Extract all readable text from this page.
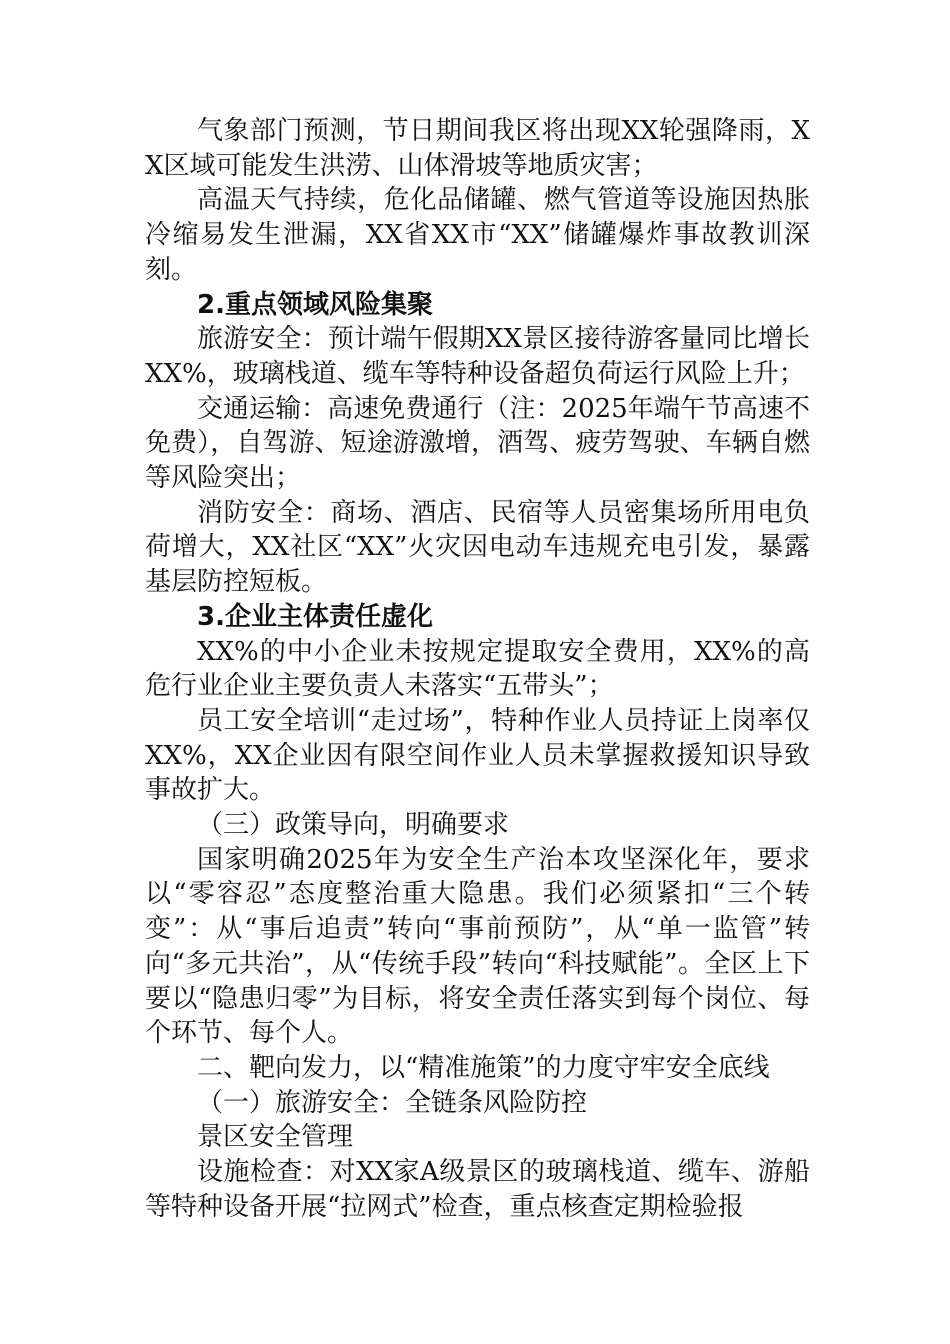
气象部门预测，节日期间我区将出现XX轮强降雨，XX区域可能发生洪涝、山体滑坡等地质灾害；

高温天气持续，危化品储罐、燃气管道等设施因热胀冷缩易发生泄漏，XX省XX市“XX”储罐爆炸事故教训深刻。

2.重点领域风险集聚

旅游安全：预计端午假期XX景区接待游客量同比增长XX%，玻璃栈道、缆车等特种设备超负荷运行风险上升；

交通运输：高速免费通行（注：2025年端午节高速不免费），自驾游、短途游激增，酒驾、疲劳驾驶、车辆自燃等风险突出；

消防安全：商场、酒店、民宿等人员密集场所用电负荷增大，XX社区“XX”火灾因电动车违规充电引发，暴露基层防控短板。

3.企业主体责任虚化

XX%的中小企业未按规定提取安全费用，XX%的高危行业企业主要负责人未落实“五带头”；

员工安全培训“走过场”，特种作业人员持证上岗率仅XX%，XX企业因有限空间作业人员未掌握救援知识导致事故扩大。

（三）政策导向，明确要求

国家明确2025年为安全生产治本攻坚深化年，要求以“零容忍”态度整治重大隐患。我们必须紧扣“三个转变”：从“事后追责”转向“事前预防”，从“单一监管”转向“多元共治”，从“传统手段”转向“科技赋能”。全区上下要以“隐患归零”为目标，将安全责任落实到每个岗位、每个环节、每个人。

二、靶向发力，以“精准施策”的力度守牢安全底线

（一）旅游安全：全链条风险防控

景区安全管理

设施检查：对XX家A级景区的玻璃栈道、缆车、游船等特种设备开展“拉网式”检查，重点核查定期检验报
